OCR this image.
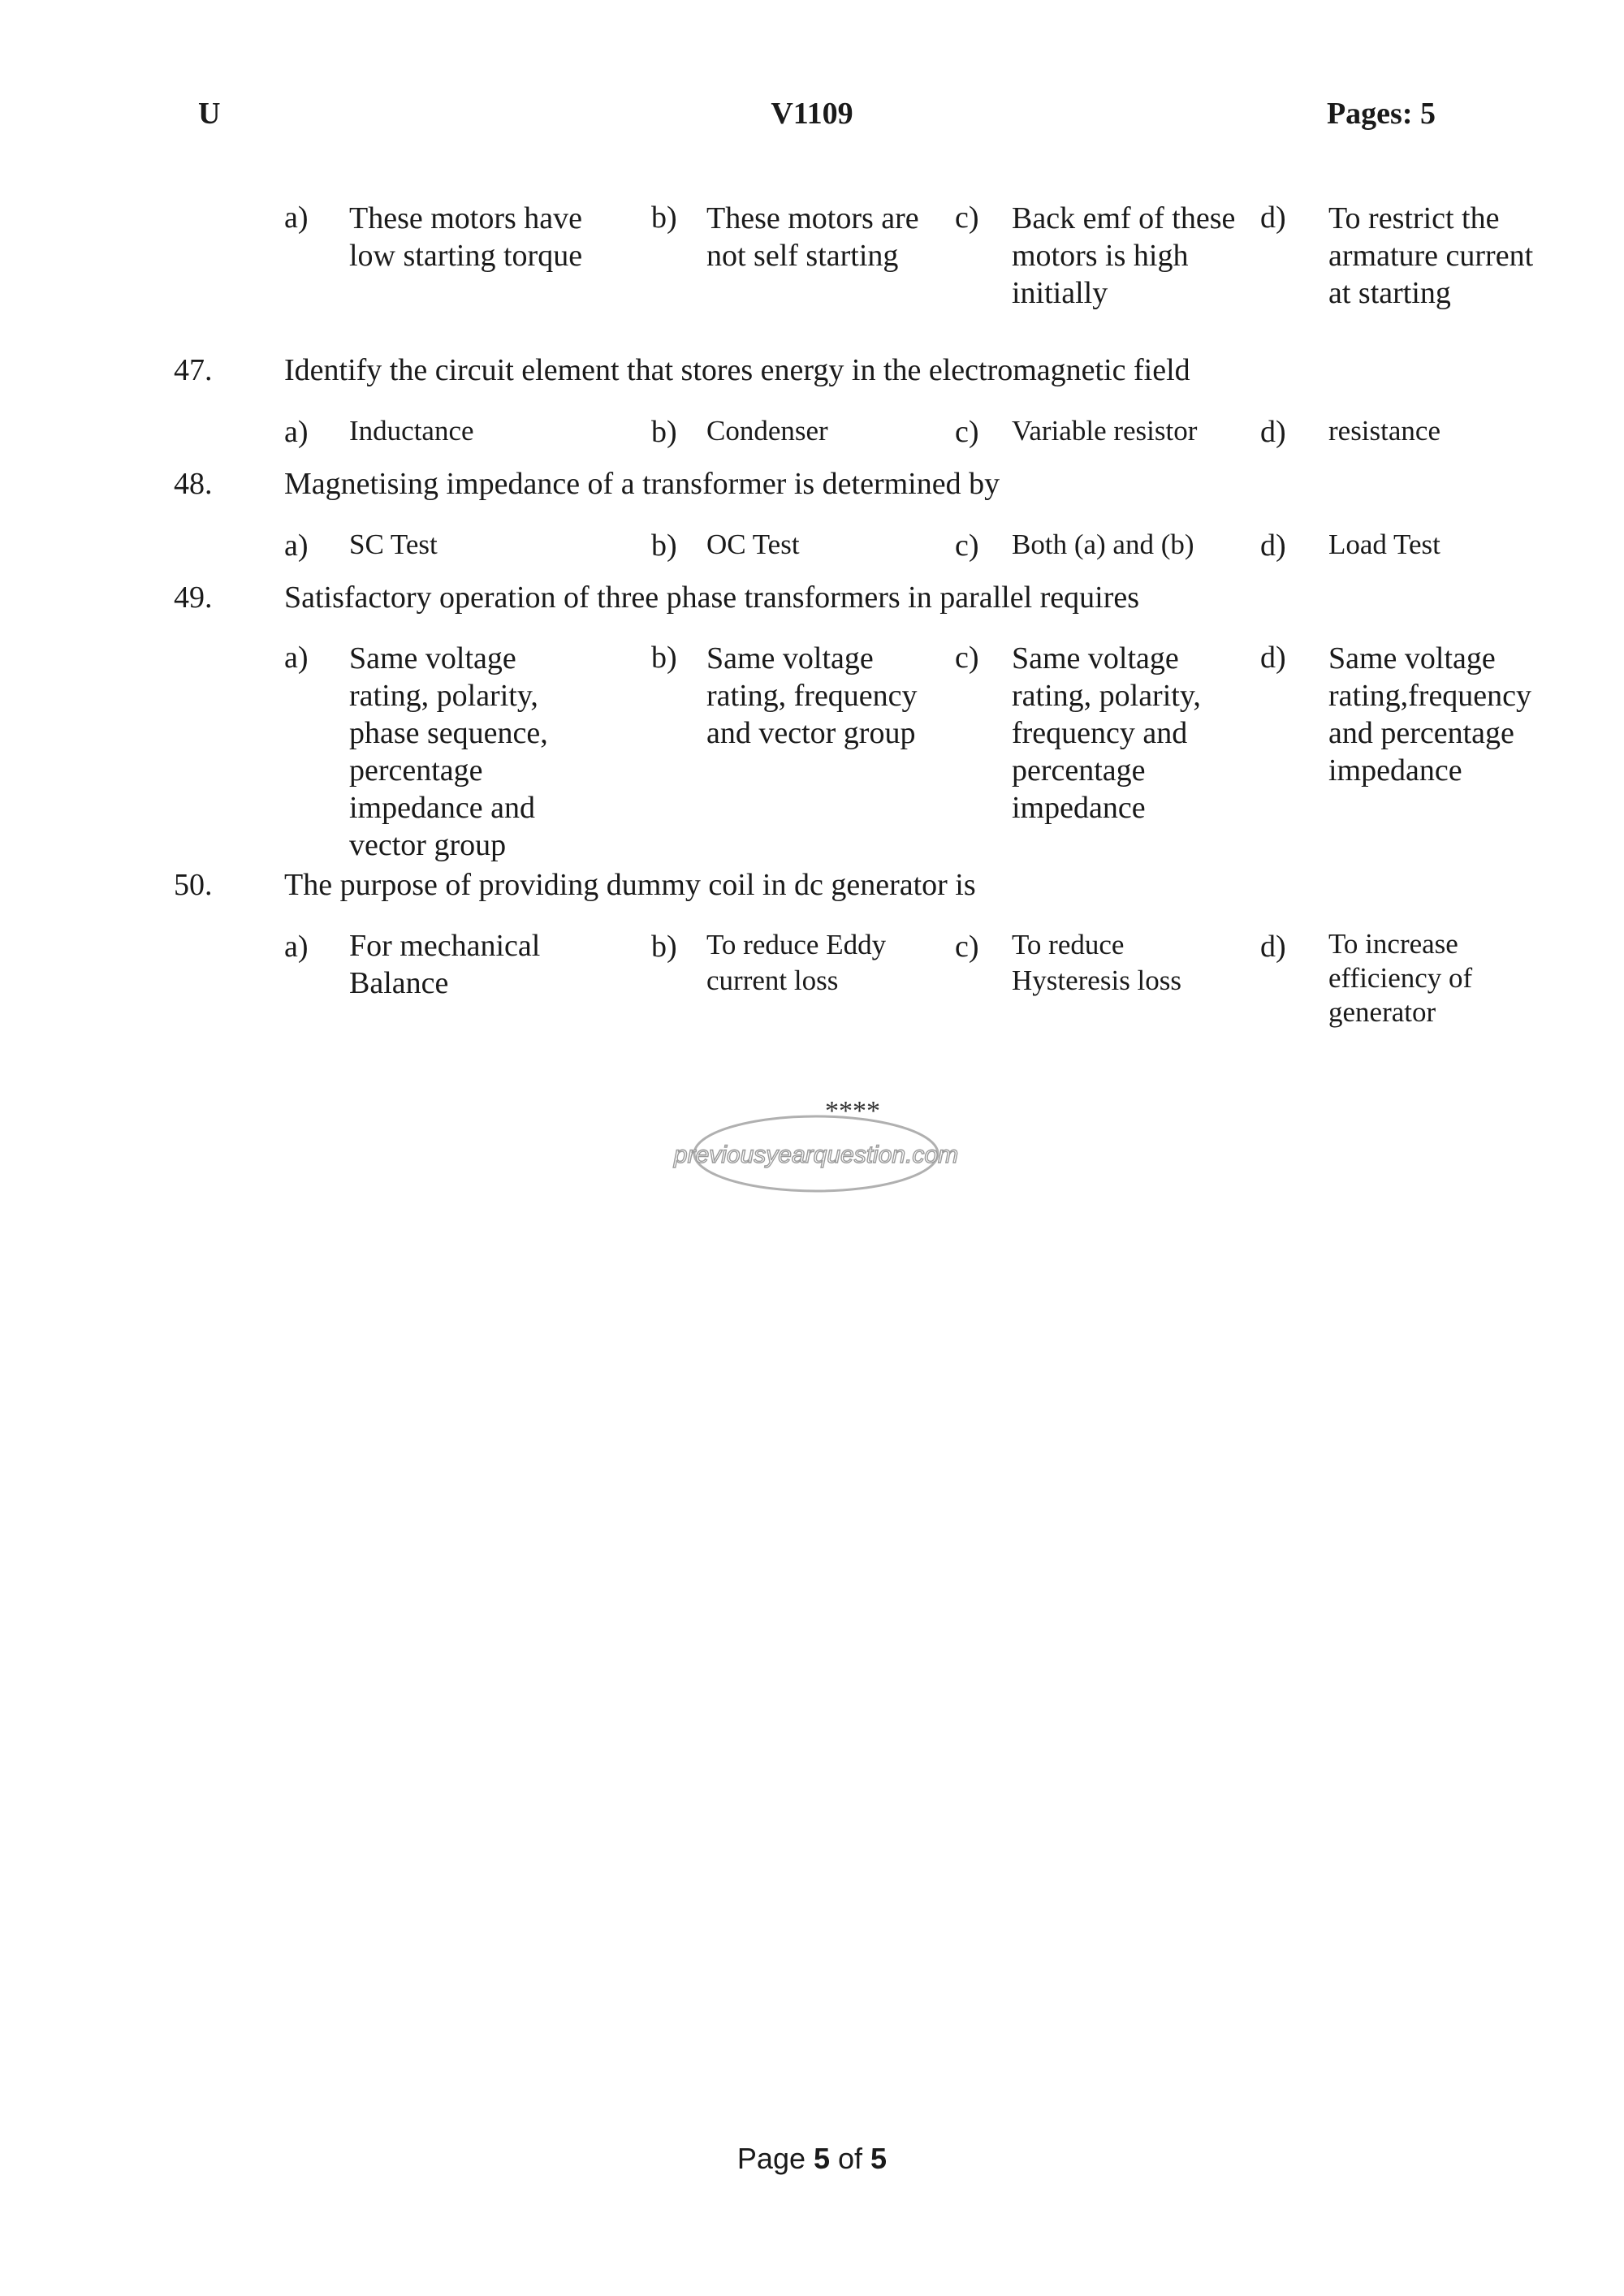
U	V1109	Pages: 5
a) These motors have low starting torque
b) These motors are not self starting
c) Back emf of these motors is high initially
d) To restrict the armature current at starting
47. Identify the circuit element that stores energy in the electromagnetic field
a) Inductance	b) Condenser	c) Variable resistor	d) resistance
48. Magnetising impedance of a transformer is determined by
a) SC Test	b) OC Test	c) Both (a) and (b)	d) Load Test
49. Satisfactory operation of three phase transformers in parallel requires
a) Same voltage rating, polarity, phase sequence, percentage impedance and vector group
b) Same voltage rating, frequency and vector group
c) Same voltage rating, polarity, frequency and percentage impedance
d) Same voltage rating,frequency and percentage impedance
50. The purpose of providing dummy coil in dc generator is
a) For mechanical Balance
b) To reduce Eddy current loss
c) To reduce Hysteresis loss
d) To increase efficiency of generator
****
previousyearquestion.com
Page 5 of 5
